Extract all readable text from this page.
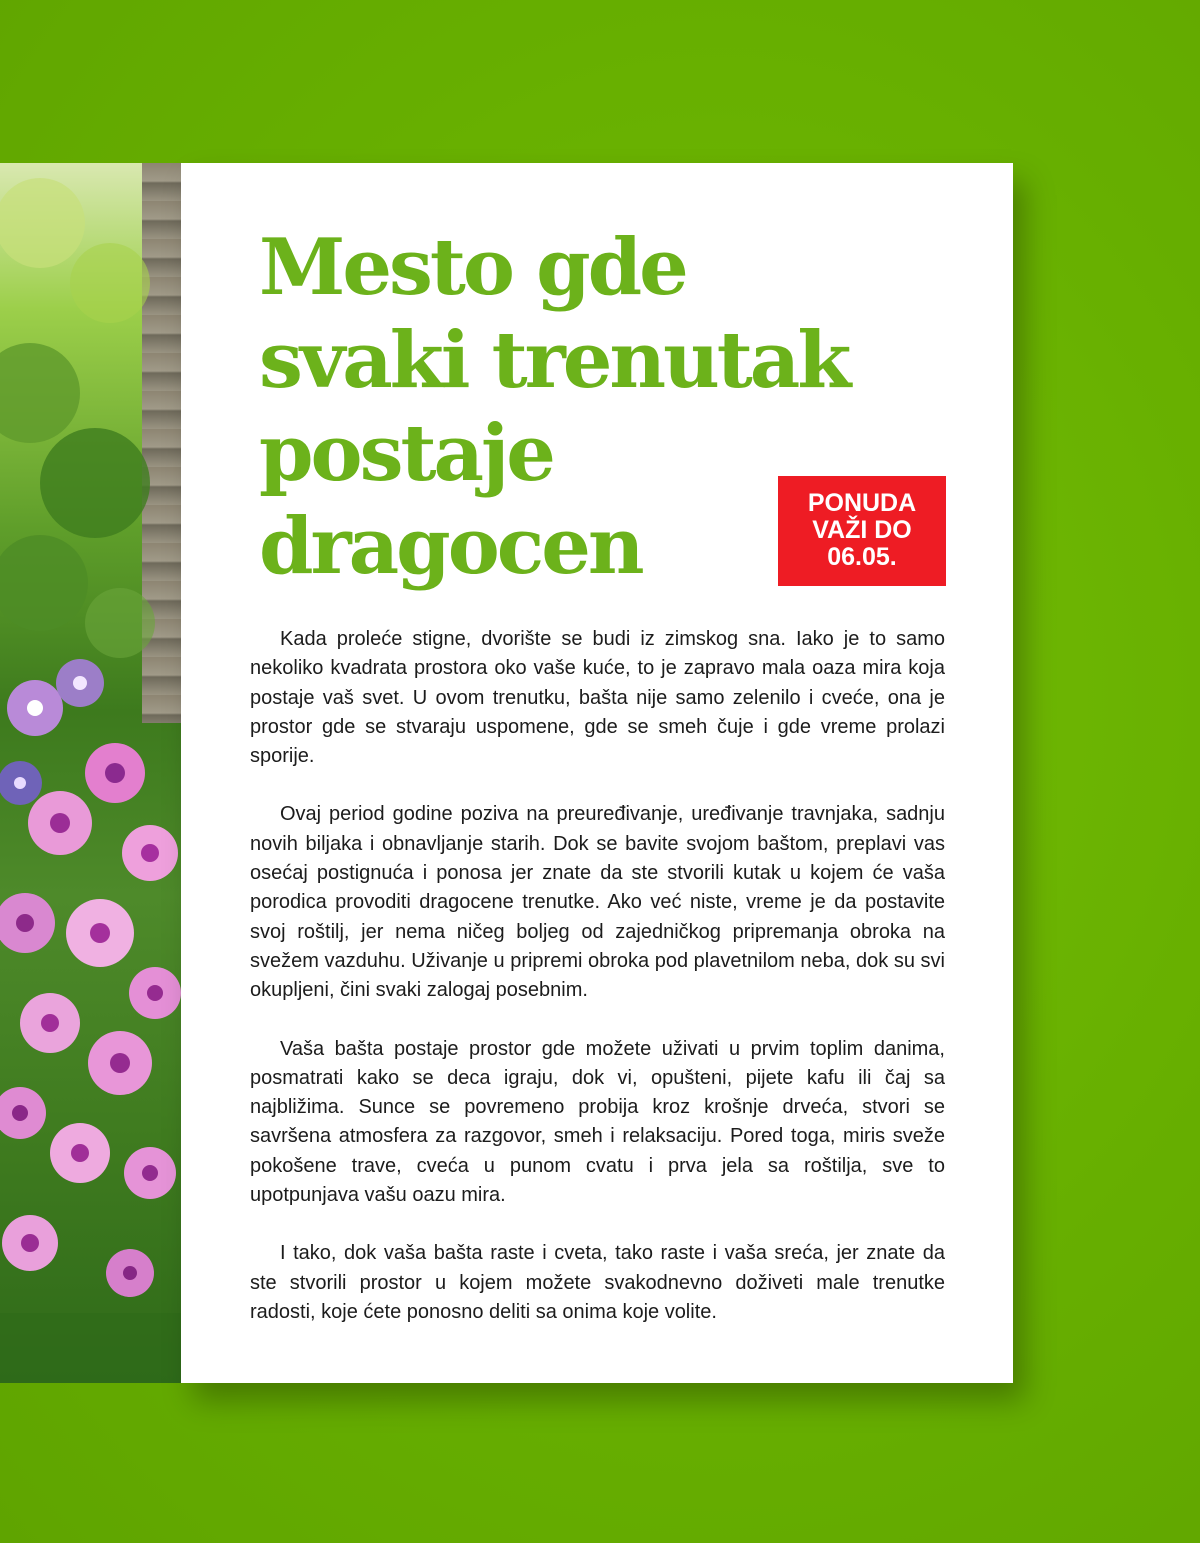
Mesto gde
svaki trenutak
postaje
dragocen	PONUDA
VAŽI DO
06.05.

Kada proleće stigne, dvorište se budi iz zimskog sna. Iako je to samo nekoliko kvadrata prostora oko vaše kuće, to je zapravo mala oaza mira koja postaje vaš svet. U ovom trenutku, bašta nije samo zelenilo i cveće, ona je prostor gde se stvaraju uspomene, gde se smeh čuje i gde vreme prolazi sporije.

Ovaj period godine poziva na preuređivanje, uređivanje travnjaka, sadnju novih biljaka i obnavljanje starih. Dok se bavite svojom baštom, preplavi vas osećaj postignuća i ponosa jer znate da ste stvorili kutak u kojem će vaša porodica provoditi dragocene trenutke. Ako već niste, vreme je da postavite svoj roštilj, jer nema ničeg boljeg od zajedničkog pripremanja obroka na svežem vazduhu. Uživanje u pripremi obroka pod plavetnilom neba, dok su svi okupljeni, čini svaki zalogaj posebnim.

Vaša bašta postaje prostor gde možete uživati u prvim toplim danima, posmatrati kako se deca igraju, dok vi, opušteni, pijete kafu ili čaj sa najbližima. Sunce se povremeno probija kroz krošnje drveća, stvori se savršena atmosfera za razgovor, smeh i relaksaciju. Pored toga, miris sveže pokošene trave, cveća u punom cvatu i prva jela sa roštilja, sve to upotpunjava vašu oazu mira.

I tako, dok vaša bašta raste i cveta, tako raste i vaša sreća, jer znate da ste stvorili prostor u kojem možete svakodnevno doživeti male trenutke radosti, koje ćete ponosno deliti sa onima koje volite.
